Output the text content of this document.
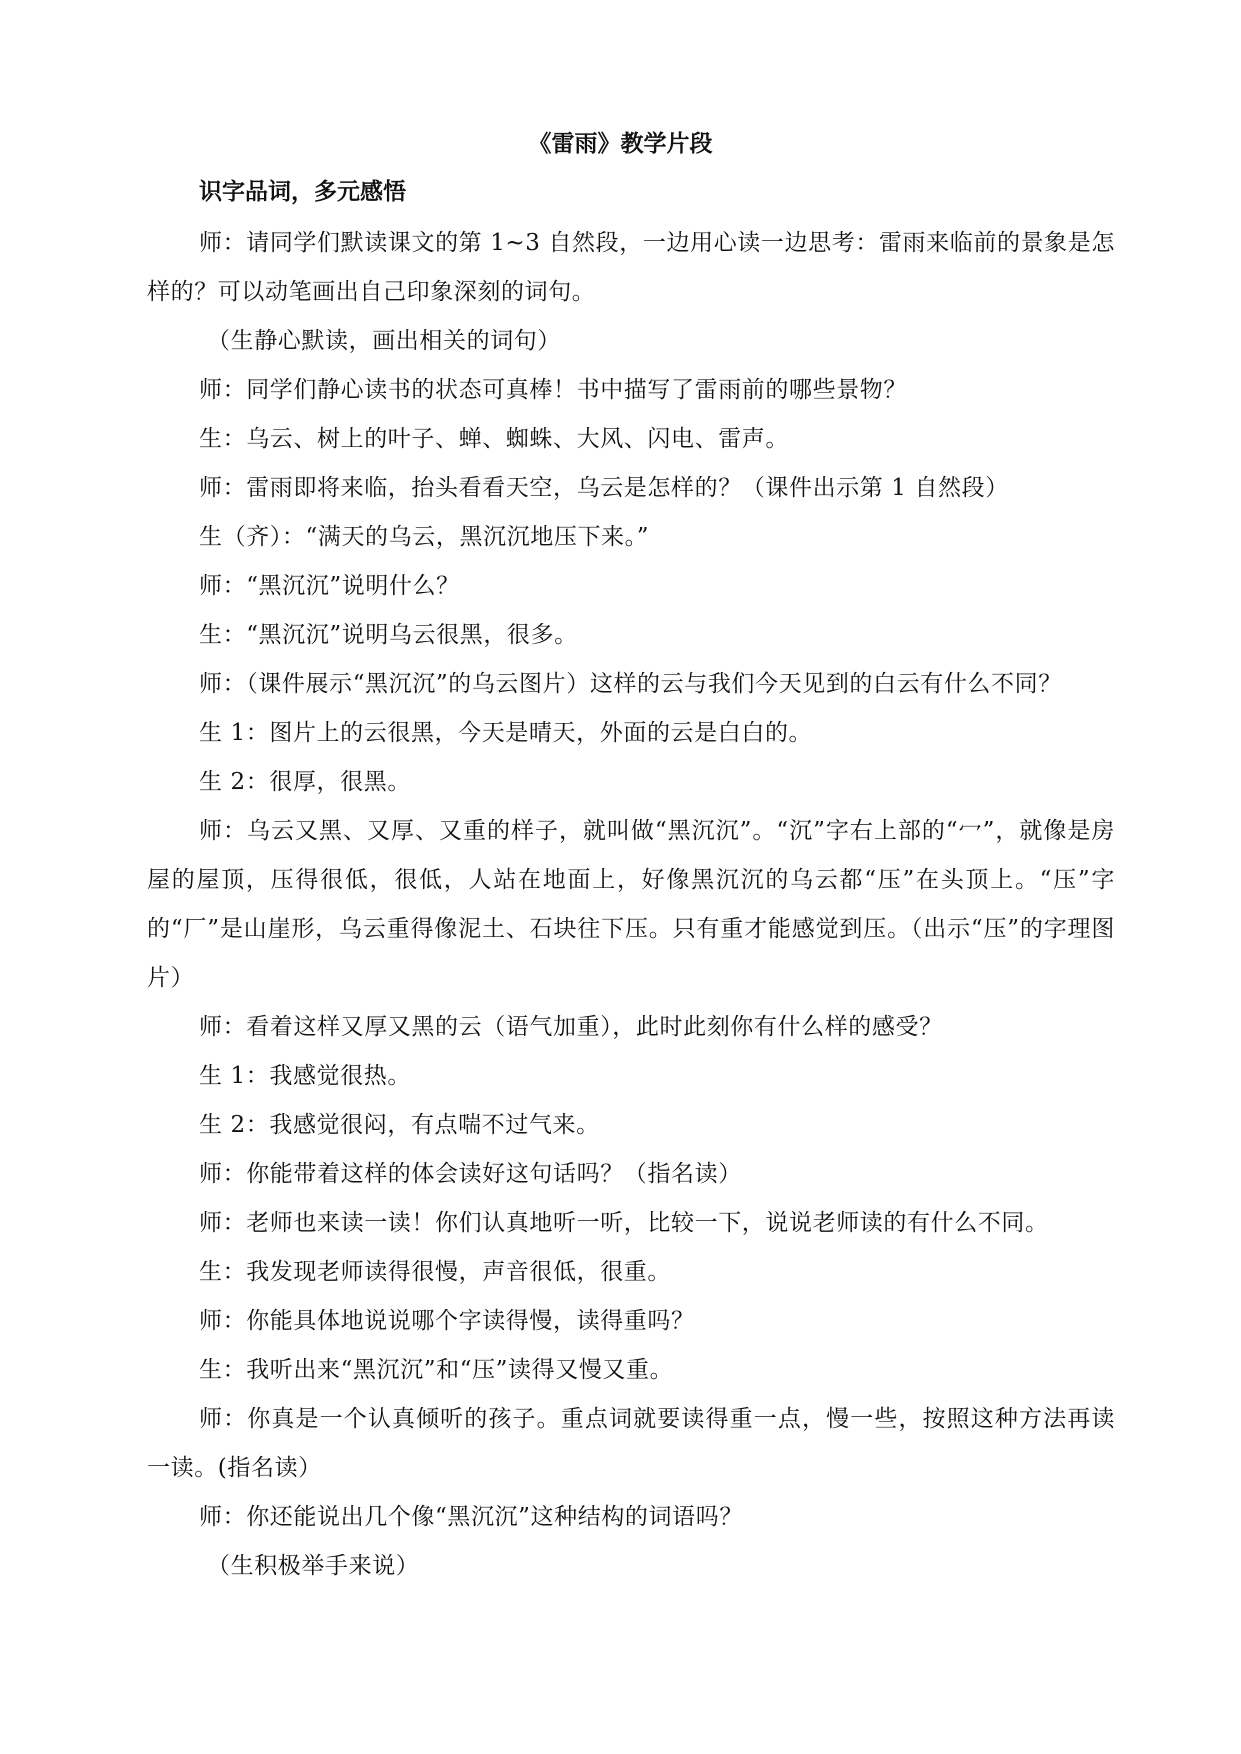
《雷雨》教学片段
识字品词，多元感悟

师：请同学们默读课文的第 1~3 自然段，一边用心读一边思考：雷雨来临前的景象是怎样的？可以动笔画出自己印象深刻的词句。

（生静心默读，画出相关的词句）

师：同学们静心读书的状态可真棒！书中描写了雷雨前的哪些景物？

生：乌云、树上的叶子、蝉、蜘蛛、大风、闪电、雷声。

师：雷雨即将来临，抬头看看天空，乌云是怎样的？（课件出示第 1 自然段）

生（齐）：“满天的乌云，黑沉沉地压下来。”

师：“黑沉沉”说明什么？

生：“黑沉沉”说明乌云很黑，很多。

师：（课件展示“黑沉沉”的乌云图片）这样的云与我们今天见到的白云有什么不同？

生 1：图片上的云很黑，今天是晴天，外面的云是白白的。

生 2：很厚，很黑。

师：乌云又黑、又厚、又重的样子，就叫做“黑沉沉”。“沉”字右上部的“冖”，就像是房屋的屋顶，压得很低，很低，人站在地面上，好像黑沉沉的乌云都“压”在头顶上。“压”字的“厂”是山崖形，乌云重得像泥土、石块往下压。只有重才能感觉到压。（出示“压”的字理图片）

师：看着这样又厚又黑的云（语气加重），此时此刻你有什么样的感受？

生 1：我感觉很热。

生 2：我感觉很闷，有点喘不过气来。

师：你能带着这样的体会读好这句话吗？（指名读）

师：老师也来读一读！你们认真地听一听，比较一下，说说老师读的有什么不同。

生：我发现老师读得很慢，声音很低，很重。

师：你能具体地说说哪个字读得慢，读得重吗？

生：我听出来“黑沉沉”和“压”读得又慢又重。

师：你真是一个认真倾听的孩子。重点词就要读得重一点，慢一些，按照这种方法再读一读。(指名读）

师：你还能说出几个像“黑沉沉”这种结构的词语吗？

（生积极举手来说）
